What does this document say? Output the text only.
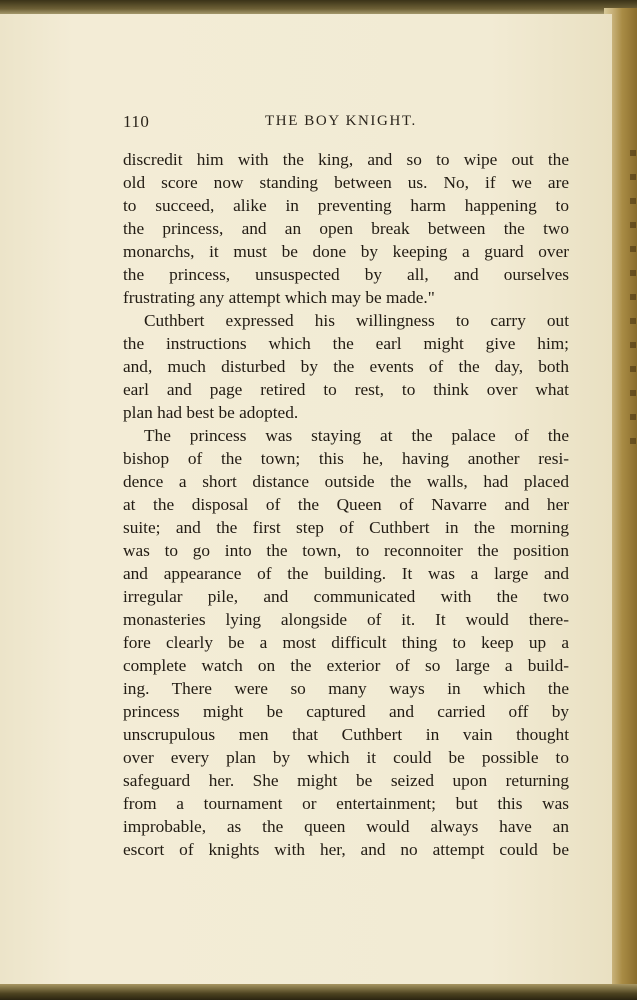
110	THE BOY KNIGHT.
discredit him with the king, and so to wipe out the
old score now standing between us. No, if we are
to succeed, alike in preventing harm happening to
the princess, and an open break between the two
monarchs, it must be done by keeping a guard over
the princess, unsuspected by all, and ourselves
frustrating any attempt which may be made."
Cuthbert expressed his willingness to carry out
the instructions which the earl might give him;
and, much disturbed by the events of the day, both
earl and page retired to rest, to think over what
plan had best be adopted.
The princess was staying at the palace of the
bishop of the town; this he, having another resi-
dence a short distance outside the walls, had placed
at the disposal of the Queen of Navarre and her
suite; and the first step of Cuthbert in the morning
was to go into the town, to reconnoiter the position
and appearance of the building. It was a large and
irregular pile, and communicated with the two
monasteries lying alongside of it. It would there-
fore clearly be a most difficult thing to keep up a
complete watch on the exterior of so large a build-
ing. There were so many ways in which the
princess might be captured and carried off by
unscrupulous men that Cuthbert in vain thought
over every plan by which it could be possible to
safeguard her. She might be seized upon returning
from a tournament or entertainment; but this was
improbable, as the queen would always have an
escort of knights with her, and no attempt could be
